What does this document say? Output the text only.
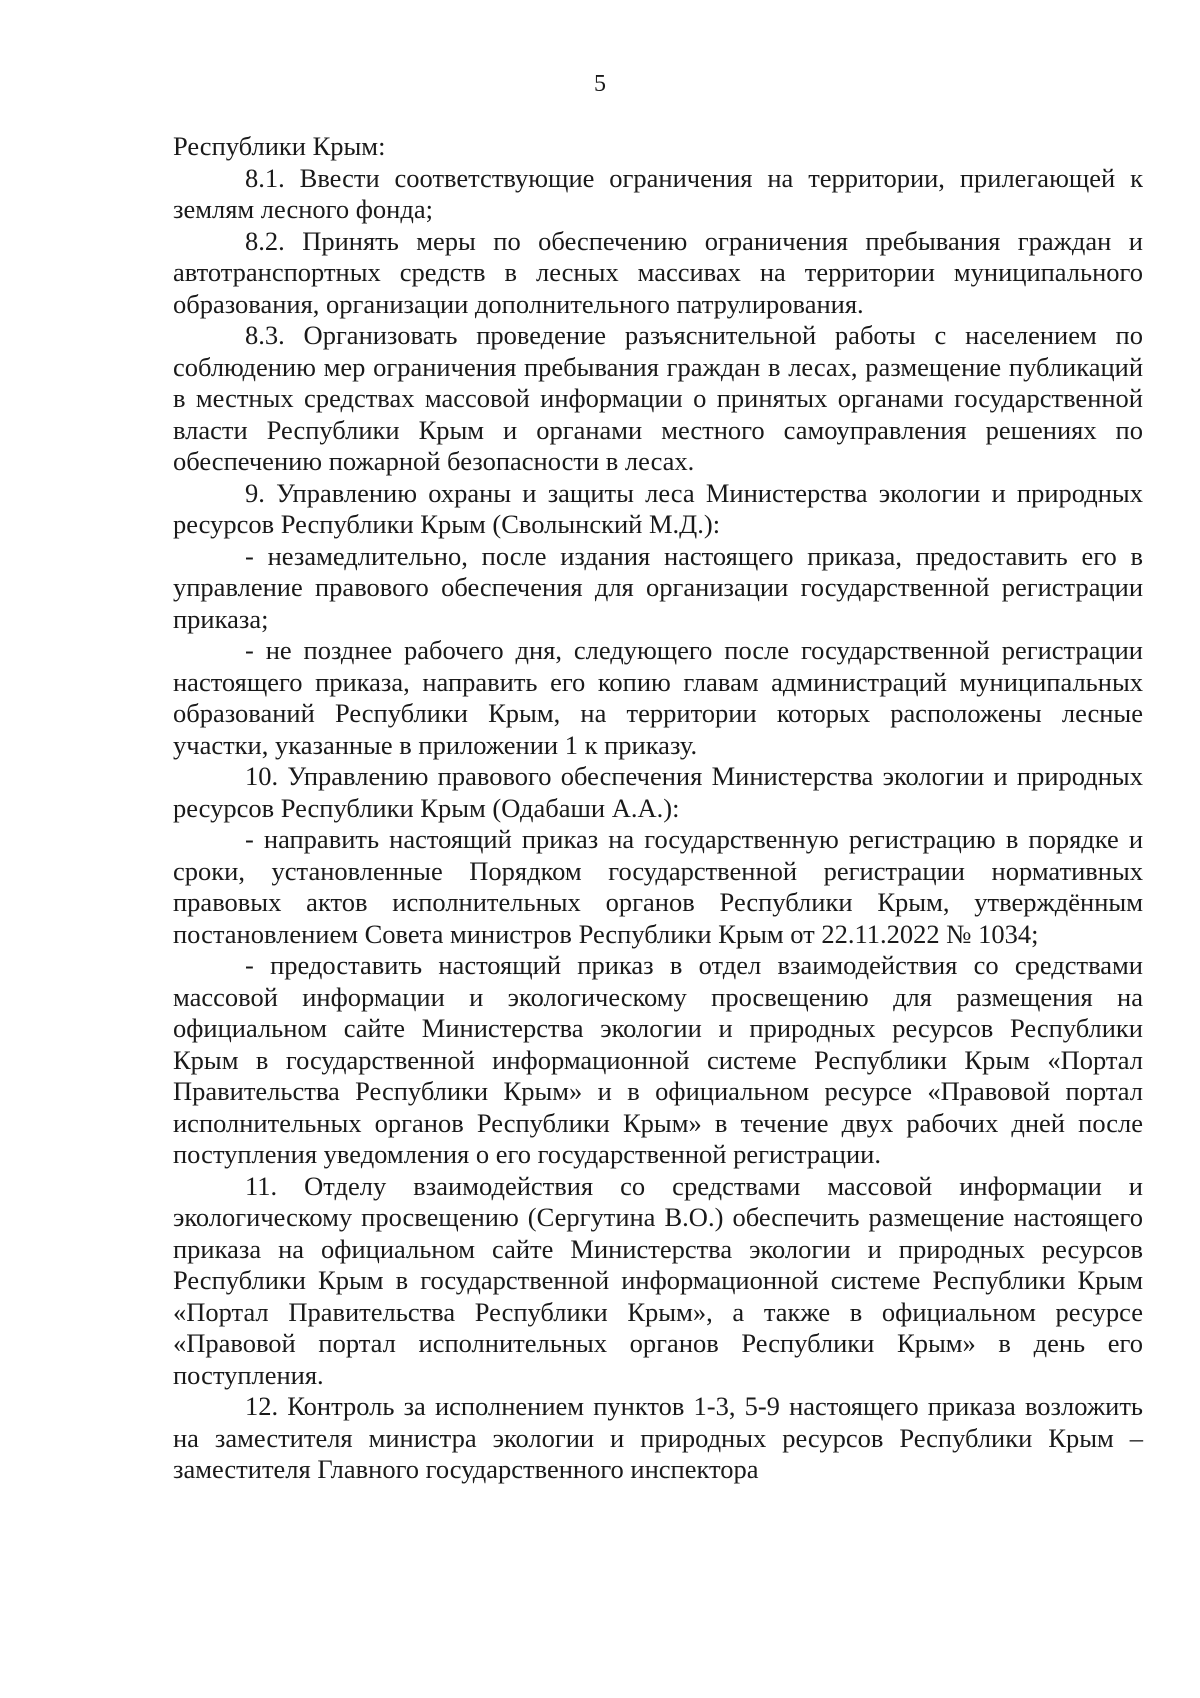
5

Республики Крым:

8.1. Ввести соответствующие ограничения на территории, прилегающей к землям лесного фонда;

8.2. Принять меры по обеспечению ограничения пребывания граждан и автотранспортных средств в лесных массивах на территории муниципального образования, организации дополнительного патрулирования.

8.3. Организовать проведение разъяснительной работы с населением по соблюдению мер ограничения пребывания граждан в лесах, размещение публикаций в местных средствах массовой информации о принятых органами государственной власти Республики Крым и органами местного самоуправления решениях по обеспечению пожарной безопасности в лесах.

9. Управлению охраны и защиты леса Министерства экологии и природных ресурсов Республики Крым (Сволынский М.Д.):

- незамедлительно, после издания настоящего приказа, предоставить его в управление правового обеспечения для организации государственной регистрации приказа;

- не позднее рабочего дня, следующего после государственной регистрации настоящего приказа, направить его копию главам администраций муниципальных образований Республики Крым, на территории которых расположены лесные участки, указанные в приложении 1 к приказу.

10. Управлению правового обеспечения Министерства экологии и природных ресурсов Республики Крым (Одабаши А.А.):

- направить настоящий приказ на государственную регистрацию в порядке и сроки, установленные Порядком государственной регистрации нормативных правовых актов исполнительных органов Республики Крым, утверждённым постановлением Совета министров Республики Крым от 22.11.2022 № 1034;

- предоставить настоящий приказ в отдел взаимодействия со средствами массовой информации и экологическому просвещению для размещения на официальном сайте Министерства экологии и природных ресурсов Республики Крым в государственной информационной системе Республики Крым «Портал Правительства Республики Крым» и в официальном ресурсе «Правовой портал исполнительных органов Республики Крым» в течение двух рабочих дней после поступления уведомления о его государственной регистрации.

11. Отделу взаимодействия со средствами массовой информации и экологическому просвещению (Сергутина В.О.) обеспечить размещение настоящего приказа на официальном сайте Министерства экологии и природных ресурсов Республики Крым в государственной информационной системе Республики Крым «Портал Правительства Республики Крым», а также в официальном ресурсе «Правовой портал исполнительных органов Республики Крым» в день его поступления.

12. Контроль за исполнением пунктов 1-3, 5-9 настоящего приказа возложить на заместителя министра экологии и природных ресурсов Республики Крым – заместителя Главного государственного инспектора
